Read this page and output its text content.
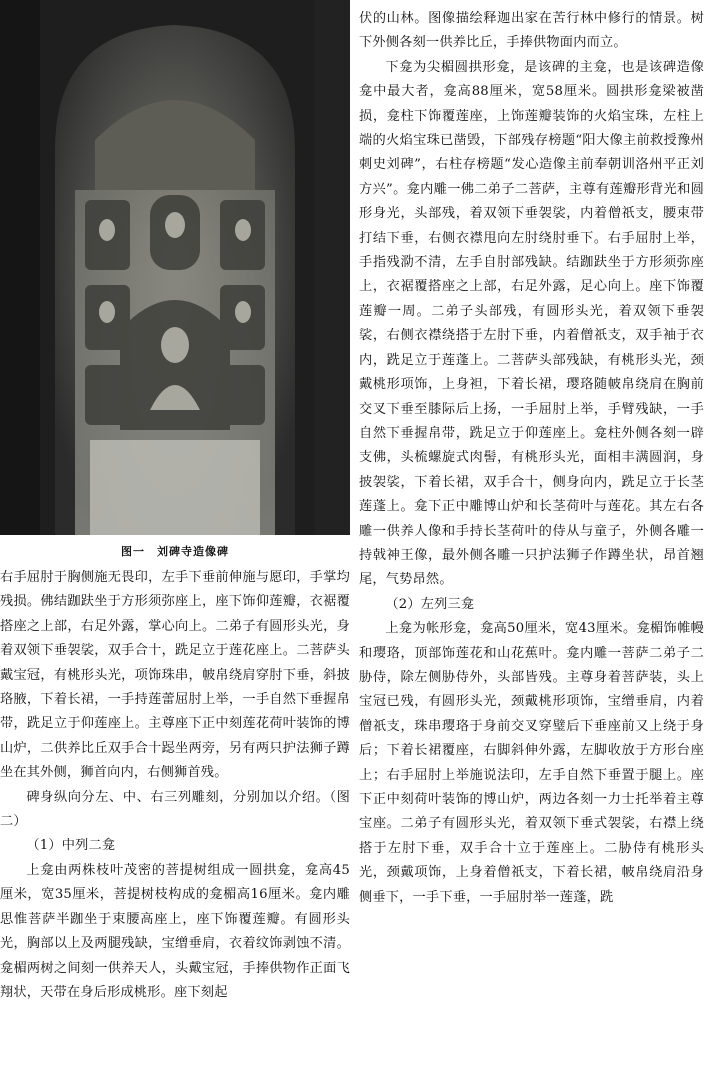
图一　刘碑寺造像碑

右手屈肘于胸侧施无畏印，左手下垂前伸施与愿印，手掌均残损。佛结跏趺坐于方形须弥座上，座下饰仰莲瓣，衣裾覆搭座之上部，右足外露，掌心向上。二弟子有圆形头光，身着双领下垂袈裟，双手合十，跣足立于莲花座上。二菩萨头戴宝冠，有桃形头光，项饰珠串，帔帛绕肩穿肘下垂，斜披珞腋，下着长裙，一手持莲蕾屈肘上举，一手自然下垂握帛带，跣足立于仰莲座上。主尊座下正中刻莲花荷叶装饰的博山炉，二供养比丘双手合十跽坐两旁，另有两只护法狮子蹲坐在其外侧，狮首向内，右侧狮首残。

碑身纵向分左、中、右三列雕刻，分别加以介绍。（图二）

（1）中列二龛

上龛由两株枝叶茂密的菩提树组成一圆拱龛，龛高45厘米，宽35厘米，菩提树枝构成的龛楣高16厘米。龛内雕思惟菩萨半跏坐于束腰高座上，座下饰覆莲瓣。有圆形头光，胸部以上及两腿残缺，宝缯垂肩，衣着纹饰剥蚀不清。龛楣两树之间刻一供养天人，头戴宝冠，手捧供物作正面飞翔状，天带在身后形成桃形。座下刻起

伏的山林。图像描绘释迦出家在苦行林中修行的情景。树下外侧各刻一供养比丘，手捧供物面内而立。

下龛为尖楣圆拱形龛，是该碑的主龛，也是该碑造像龛中最大者，龛高88厘米，宽58厘米。圆拱形龛梁被凿损，龛柱下饰覆莲座，上饰莲瓣装饰的火焰宝珠，左柱上端的火焰宝珠已凿毁，下部残存榜题“阳大像主前救授豫州刺史刘碑”，右柱存榜题“发心造像主前奉朝训洛州平正刘方兴”。龛内雕一佛二弟子二菩萨，主尊有莲瓣形背光和圆形身光，头部残，着双领下垂袈裟，内着僧祇支，腰束带打结下垂，右侧衣襟甩向左肘绕肘垂下。右手屈肘上举，手指残泐不清，左手自肘部残缺。结跏趺坐于方形须弥座上，衣裾覆搭座之上部，右足外露，足心向上。座下饰覆莲瓣一周。二弟子头部残，有圆形头光，着双领下垂袈裟，右侧衣襟绕搭于左肘下垂，内着僧祇支，双手袖于衣内，跣足立于莲蓬上。二菩萨头部残缺，有桃形头光，颈戴桃形项饰，上身袒，下着长裙，璎珞随帔帛绕肩在胸前交叉下垂至膝际后上扬，一手屈肘上举，手臂残缺，一手自然下垂握帛带，跣足立于仰莲座上。龛柱外侧各刻一辟支佛，头梳螺旋式肉髻，有桃形头光，面相丰满圆润，身披袈裟，下着长裙，双手合十，侧身向内，跣足立于长茎莲蓬上。龛下正中雕博山炉和长茎荷叶与莲花。其左右各雕一供养人像和手持长茎荷叶的侍从与童子，外侧各雕一持戟神王像，最外侧各雕一只护法狮子作蹲坐状，昂首翘尾，气势昂然。

（2）左列三龛

上龛为帐形龛，龛高50厘米，宽43厘米。龛楣饰帷幔和璎珞，顶部饰莲花和山花蕉叶。龛内雕一菩萨二弟子二胁侍，除左侧胁侍外，头部皆残。主尊身着菩萨装，头上宝冠已残，有圆形头光，颈戴桃形项饰，宝缯垂肩，内着僧祇支，珠串璎珞于身前交叉穿璧后下垂座前又上绕于身后；下着长裙覆座，右脚斜伸外露，左脚收放于方形台座上；右手屈肘上举施说法印，左手自然下垂置于腿上。座下正中刻荷叶装饰的博山炉，两边各刻一力士托举着主尊宝座。二弟子有圆形头光，着双领下垂式袈裟，右襟上绕搭于左肘下垂，双手合十立于莲座上。二胁侍有桃形头光，颈戴项饰，上身着僧祇支，下着长裙，帔帛绕肩沿身侧垂下，一手下垂，一手屈肘举一莲蓬，跣
